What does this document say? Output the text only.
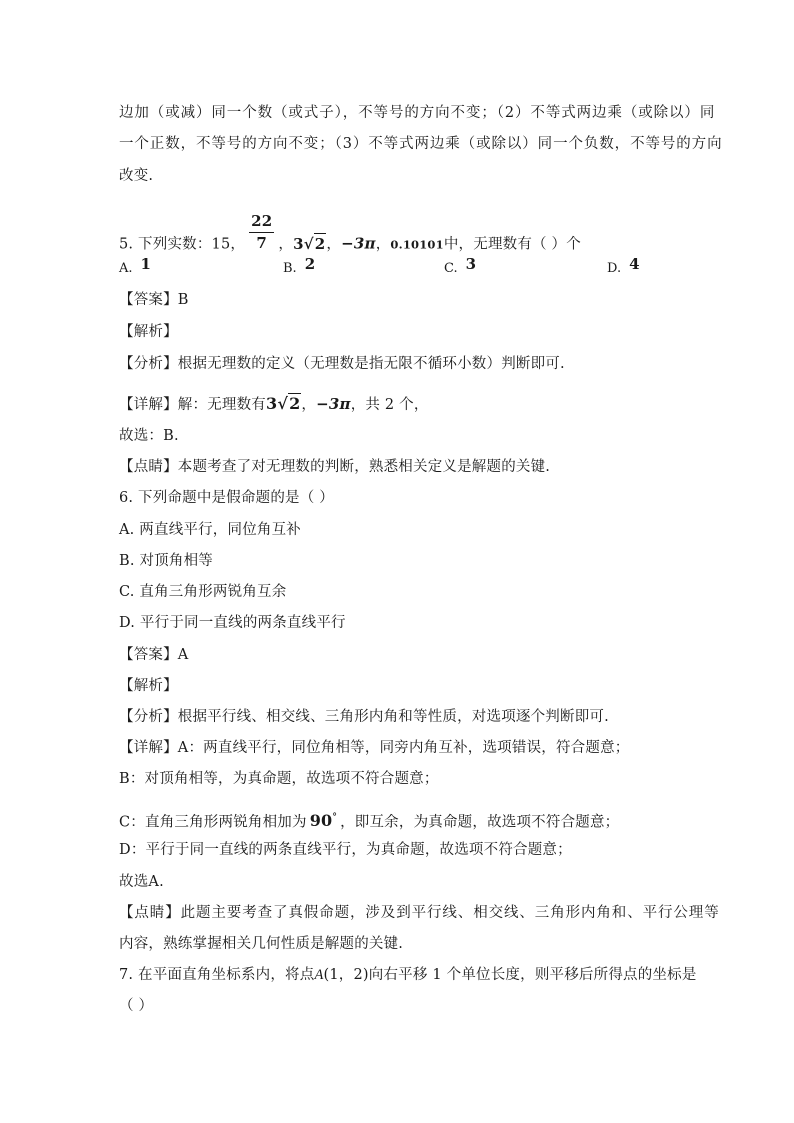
边加（或减）同一个数（或式子），不等号的方向不变；（2）不等式两边乘（或除以）同
一个正数，不等号的方向不变；（3）不等式两边乘（或除以）同一个负数，不等号的方向
改变.
5. 下列实数：15， $\frac{22}{7}$ ，3√2，−3π，0.10101中，无理数有（ ）个
A. 1	B. 2	C. 3	D. 4
【答案】B
【解析】
【分析】根据无理数的定义（无理数是指无限不循环小数）判断即可.
【详解】解：无理数有3√2，−3π，共 2 个，
故选：B.
【点睛】本题考查了对无理数的判断，熟悉相关定义是解题的关键.
6. 下列命题中是假命题的是（ ）
A. 两直线平行，同位角互补
B. 对顶角相等
C. 直角三角形两锐角互余
D. 平行于同一直线的两条直线平行
【答案】A
【解析】
【分析】根据平行线、相交线、三角形内角和等性质，对选项逐个判断即可.
【详解】A：两直线平行，同位角相等，同旁内角互补，选项错误，符合题意；
B：对顶角相等，为真命题，故选项不符合题意；
C：直角三角形两锐角相加为 90° ，即互余，为真命题，故选项不符合题意；
D：平行于同一直线的两条直线平行，为真命题，故选项不符合题意；
故选A.
【点睛】此题主要考查了真假命题，涉及到平行线、相交线、三角形内角和、平行公理等
内容，熟练掌握相关几何性质是解题的关键.
7. 在平面直角坐标系内，将点A(1，2)向右平移 1 个单位长度，则平移后所得点的坐标是
（ ）
